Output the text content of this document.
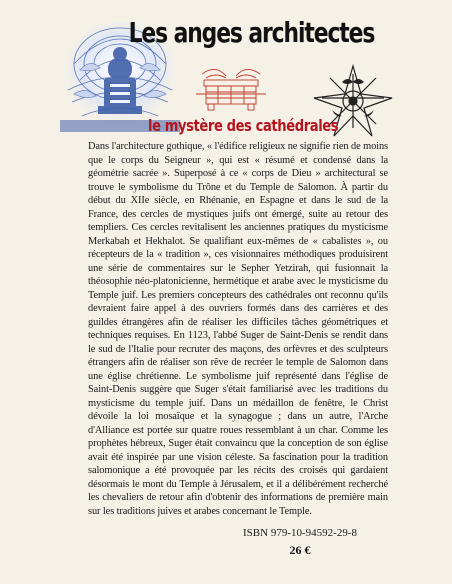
Les anges architectes
le mystère des cathédrales

Dans l'architecture gothique, « l'édifice religieux ne signifie rien de moins que le corps du Seigneur », qui est « résumé et condensé dans la géométrie sacrée ». Superposé à ce « corps de Dieu » architectural se trouve le symbolisme du Trône et du Temple de Salomon. À partir du début du XIIe siècle, en Rhénanie, en Espagne et dans le sud de la France, des cercles de mystiques juifs ont émergé, suite au retour des templiers. Ces cercles revitalisent les anciennes pratiques du mysticisme Merkabah et Hekhalot. Se qualifiant eux-mêmes de « cabalistes », ou récepteurs de la « tradition », ces visionnaires méthodiques produisirent une série de commentaires sur le Sepher Yetzirah, qui fusionnait la théosophie néo-platonicienne, hermétique et arabe avec le mysticisme du Temple juif. Les premiers concepteurs des cathédrales ont reconnu qu'ils devraient faire appel à des ouvriers formés dans des carrières et des guildes étrangères afin de réaliser les difficiles tâches géométriques et techniques requises. En 1123, l'abbé Suger de Saint-Denis se rendit dans le sud de l'Italie pour recruter des maçons, des orfèvres et des sculpteurs étrangers afin de réaliser son rêve de recréer le temple de Salomon dans une église chrétienne. Le symbolisme juif représenté dans l'église de Saint-Denis suggère que Suger s'était familiarisé avec les traditions du mysticisme du temple juif. Dans un médaillon de fenêtre, le Christ dévoile la loi mosaïque et la synagogue ; dans un autre, l'Arche d'Alliance est portée sur quatre roues ressemblant à un char. Comme les prophètes hébreux, Suger était convaincu que la conception de son église avait été inspirée par une vision céleste. Sa fascination pour la tradition salomonique a été provoquée par les récits des croisés qui gardaient désormais le mont du Temple à Jérusalem, et il a délibérément recherché les chevaliers de retour afin d'obtenir des informations de première main sur les traditions juives et arabes concernant le Temple.

ISBN 979-10-94592-29-8
26 €
